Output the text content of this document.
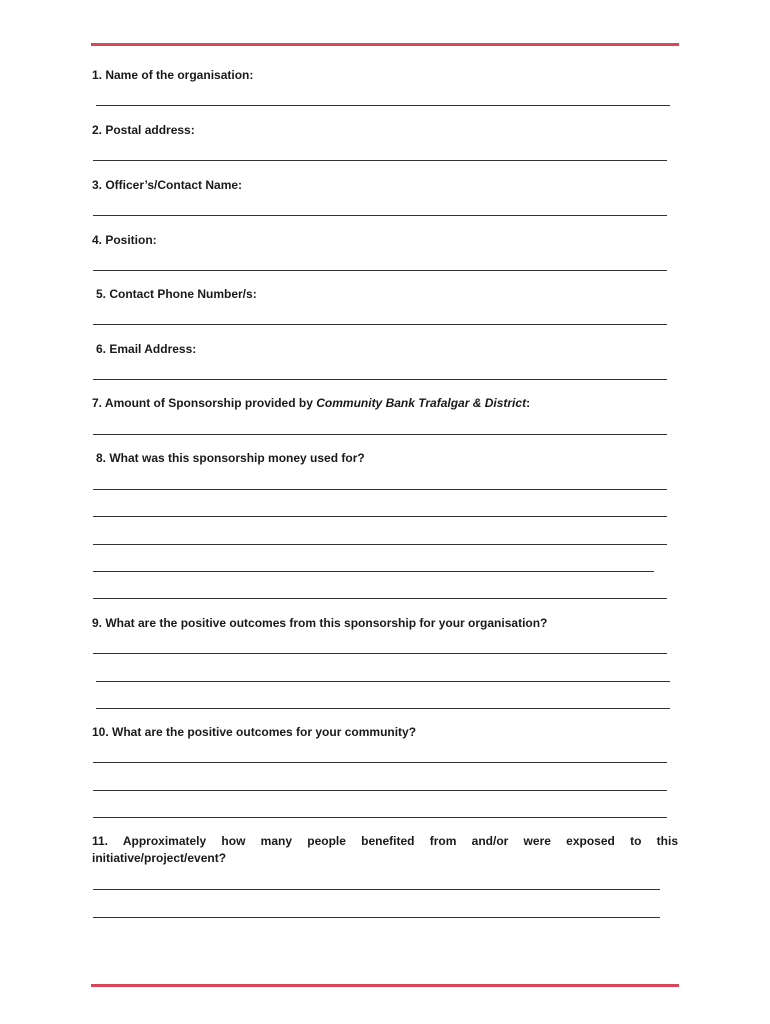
1. Name of the organisation:
2. Postal address:
3. Officer’s/Contact Name:
4. Position:
5. Contact Phone Number/s:
6. Email Address:
7. Amount of Sponsorship provided by Community Bank Trafalgar & District:
8. What was this sponsorship money used for?
9. What are the positive outcomes from this sponsorship for your organisation?
10. What are the positive outcomes for your community?
11. Approximately how many people benefited from and/or were exposed to this initiative/project/event?
